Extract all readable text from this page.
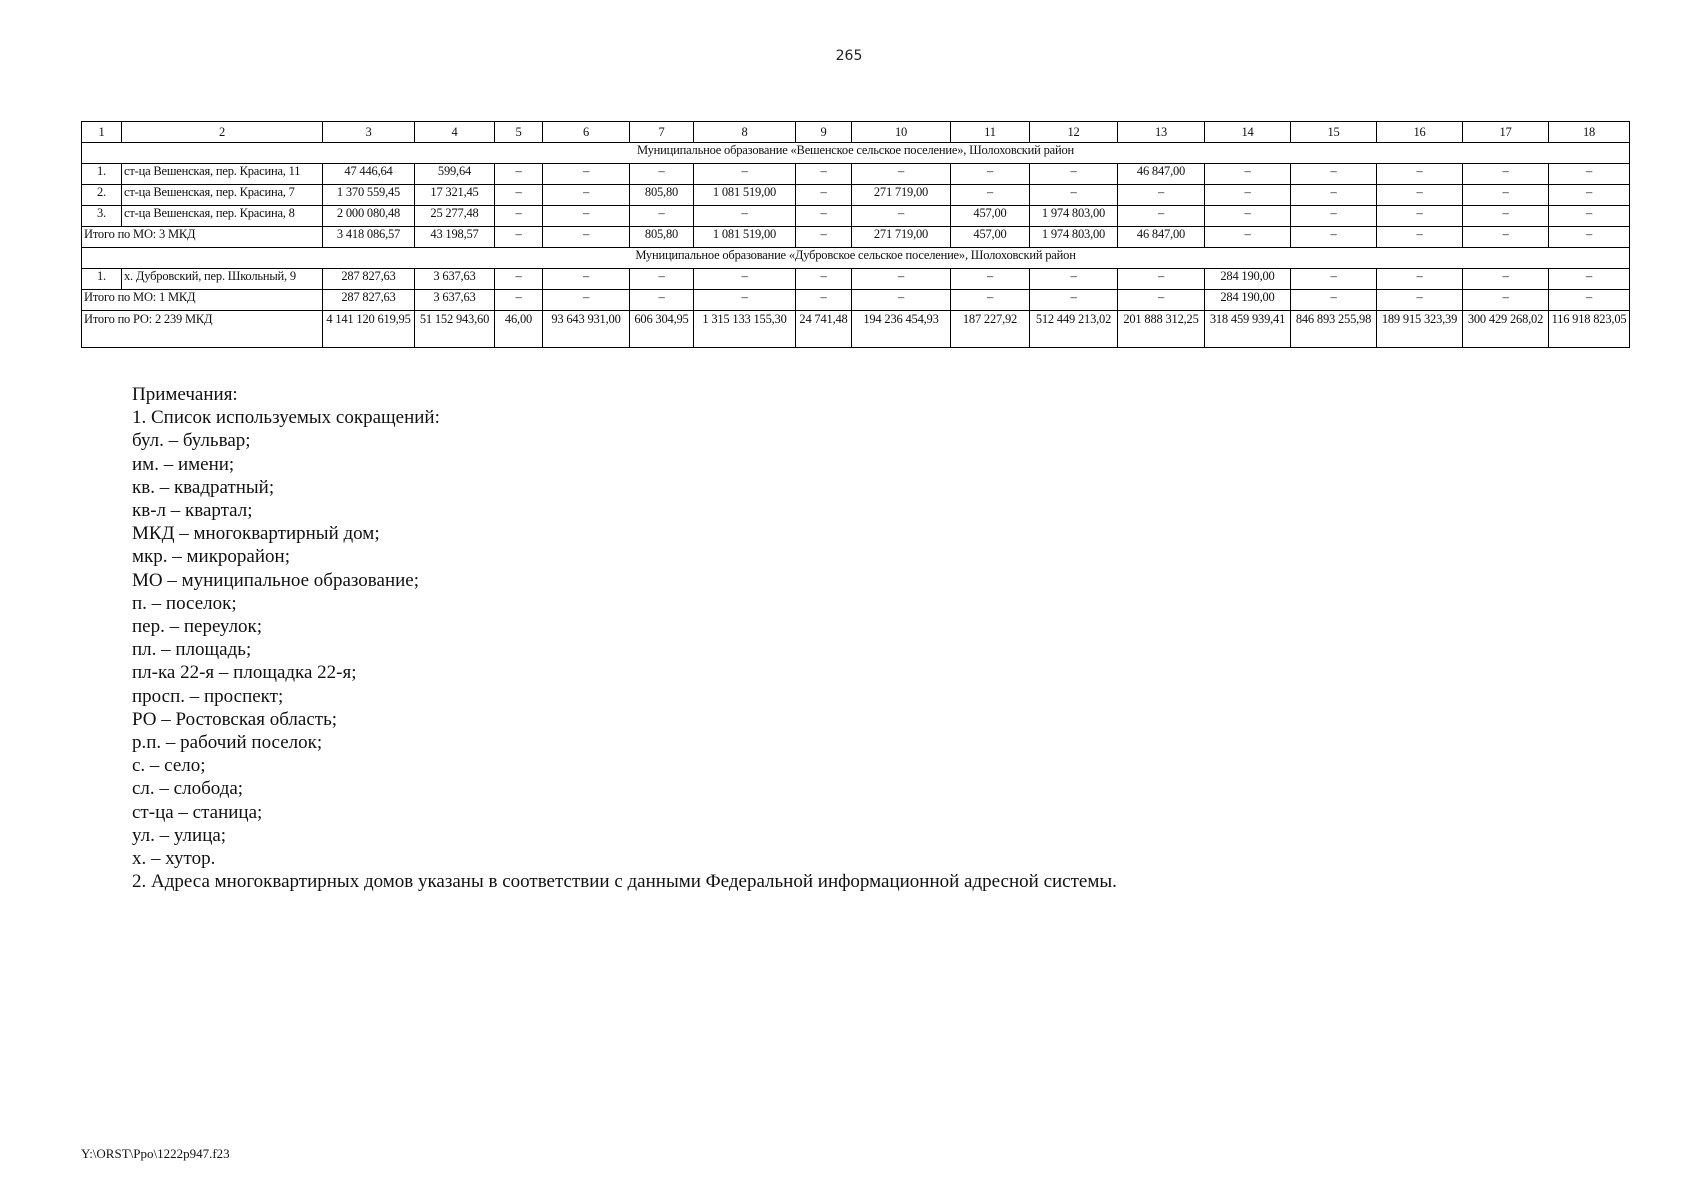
265
1	2	3	4	5	6	7	8	9	10	11	12	13	14	15	16	17	18
Муниципальное образование «Вешенское сельское поселение», Шолоховский район																	
1.	ст-ца Вешенская, пер. Красина, 11	47 446,64	599,64	–	–	–	–	–	–	–	–	46 847,00	–	–	–	–	–
2.	ст-ца Вешенская, пер. Красина, 7	1 370 559,45	17 321,45	–	–	805,80	1 081 519,00	–	271 719,00	–	–	–	–	–	–	–	–
3.	ст-ца Вешенская, пер. Красина, 8	2 000 080,48	25 277,48	–	–	–	–	–	–	457,00	1 974 803,00	–	–	–	–	–	–
Итого по МО: 3 МКД		3 418 086,57	43 198,57	–	–	805,80	1 081 519,00	–	271 719,00	457,00	1 974 803,00	46 847,00	–	–	–	–	–
Муниципальное образование «Дубровское сельское поселение», Шолоховский район																	
1.	х. Дубровский, пер. Школьный, 9	287 827,63	3 637,63	–	–	–	–	–	–	–	–	–	284 190,00	–	–	–	–
Итого по МО: 1 МКД		287 827,63	3 637,63	–	–	–	–	–	–	–	–	–	284 190,00	–	–	–	–
Итого по РО: 2 239 МКД		4 141 120 619,95	51 152 943,60	46,00	93 643 931,00	606 304,95	1 315 133 155,30	24 741,48	194 236 454,93	187 227,92	512 449 213,02	201 888 312,25	318 459 939,41	846 893 255,98	189 915 323,39	300 429 268,02	116 918 823,05
Примечания:
1. Список используемых сокращений:
бул. – бульвар;
им. – имени;
кв. – квадратный;
кв-л – квартал;
МКД – многоквартирный дом;
мкр. – микрорайон;
МО – муниципальное образование;
п. – поселок;
пер. – переулок;
пл. – площадь;
пл-ка 22-я – площадка 22-я;
просп. – проспект;
РО – Ростовская область;
р.п. – рабочий поселок;
с. – село;
сл. – слобода;
ст-ца – станица;
ул. – улица;
х. – хутор.
2. Адреса многоквартирных домов указаны в соответствии с данными Федеральной информационной адресной системы.
Y:\ORST\Ppo\1222p947.f23
